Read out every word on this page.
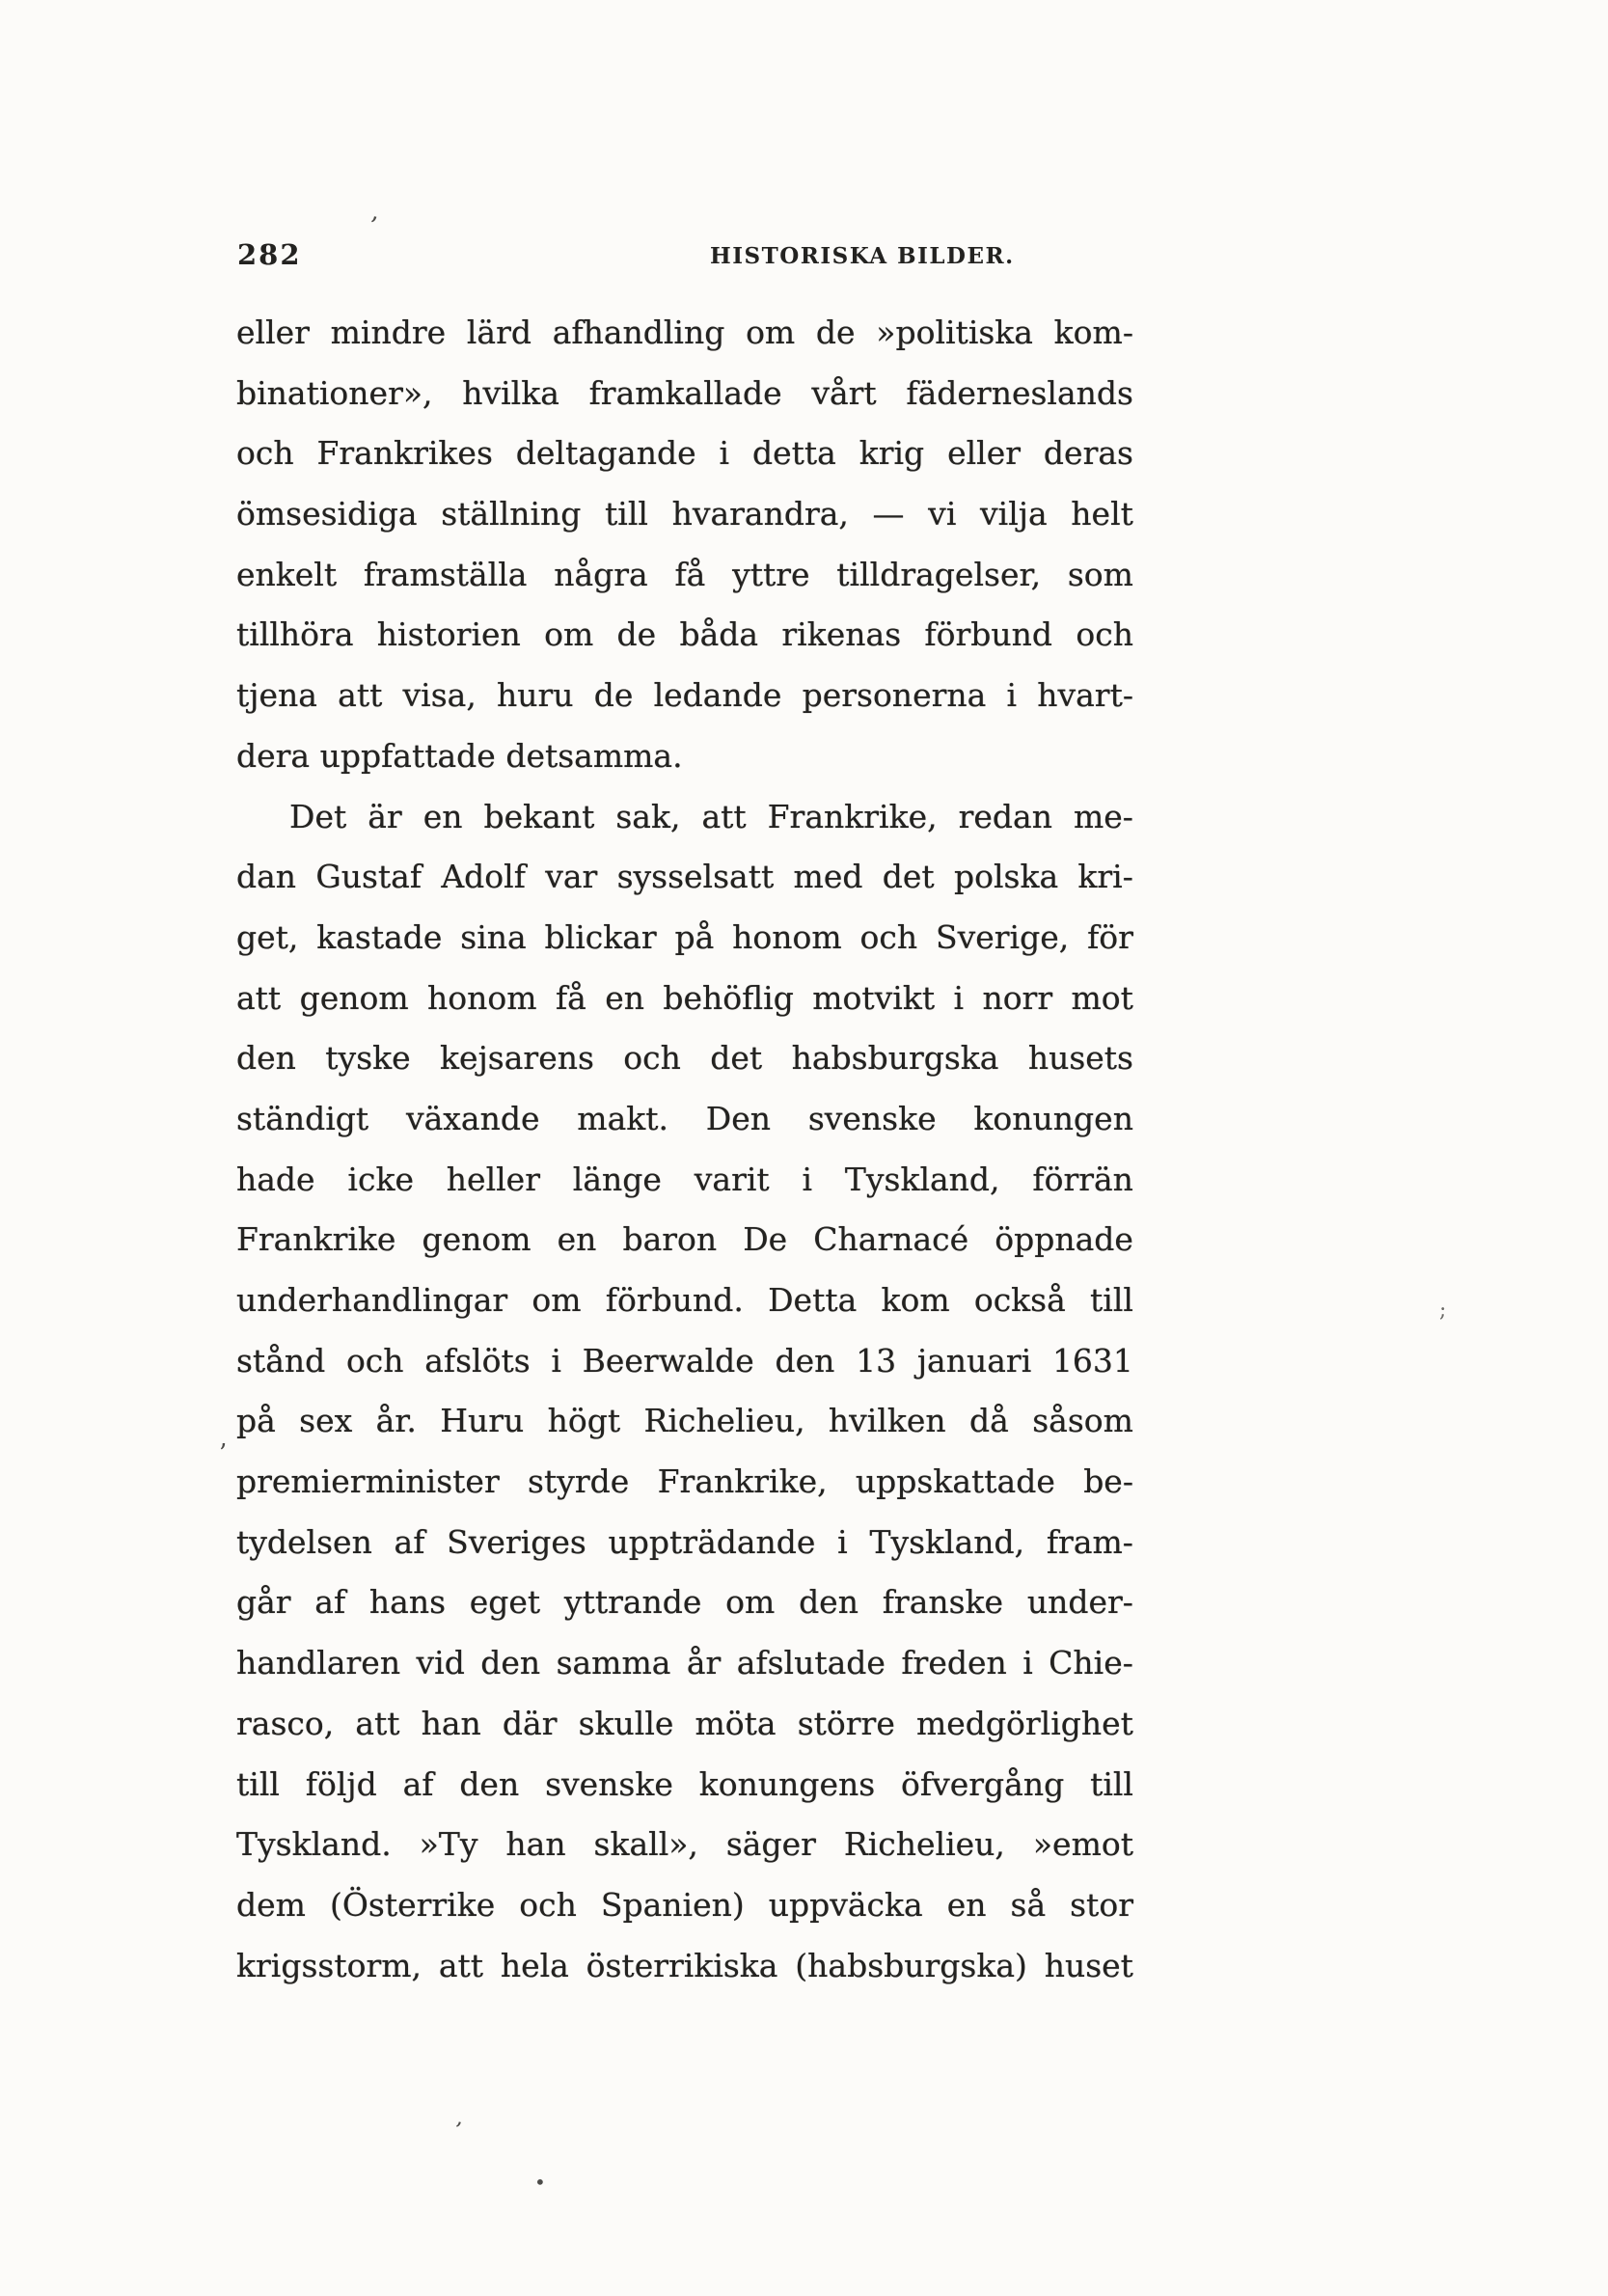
282	HISTORISKA BILDER.
eller mindre lärd afhandling om de »politiska kom-
binationer», hvilka framkallade vårt fäderneslands
och Frankrikes deltagande i detta krig eller deras
ömsesidiga ställning till hvarandra, — vi vilja helt
enkelt framställa några få yttre tilldragelser, som
tillhöra historien om de båda rikenas förbund och
tjena att visa, huru de ledande personerna i hvart-
dera uppfattade detsamma.
Det är en bekant sak, att Frankrike, redan me-
dan Gustaf Adolf var sysselsatt med det polska kri-
get, kastade sina blickar på honom och Sverige, för
att genom honom få en behöflig motvikt i norr mot
den tyske kejsarens och det habsburgska husets
ständigt växande makt. Den svenske konungen
hade icke heller länge varit i Tyskland, förrän
Frankrike genom en baron De Charnacé öppnade
underhandlingar om förbund. Detta kom också till
stånd och afslöts i Beerwalde den 13 januari 1631
på sex år. Huru högt Richelieu, hvilken då såsom
premierminister styrde Frankrike, uppskattade be-
tydelsen af Sveriges uppträdande i Tyskland, fram-
går af hans eget yttrande om den franske under-
handlaren vid den samma år afslutade freden i Chie-
rasco, att han där skulle möta större medgörlighet
till följd af den svenske konungens öfvergång till
Tyskland. »Ty han skall», säger Richelieu, »emot
dem (Österrike och Spanien) uppväcka en så stor
krigsstorm, att hela österrikiska (habsburgska) huset
’
’
’
•
;
